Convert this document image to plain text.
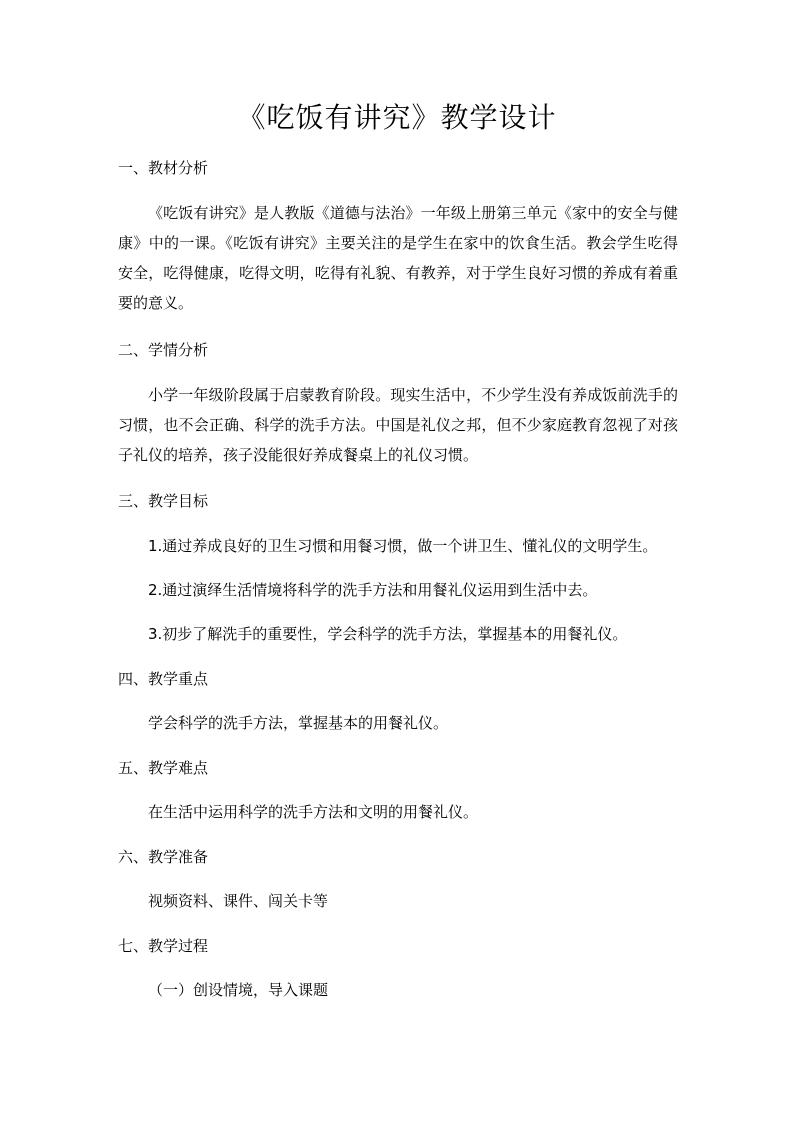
《吃饭有讲究》教学设计
一、教材分析

《吃饭有讲究》是人教版《道德与法治》一年级上册第三单元《家中的安全与健康》中的一课。《吃饭有讲究》主要关注的是学生在家中的饮食生活。教会学生吃得安全，吃得健康，吃得文明，吃得有礼貌、有教养，对于学生良好习惯的养成有着重要的意义。

二、学情分析

小学一年级阶段属于启蒙教育阶段。现实生活中，不少学生没有养成饭前洗手的习惯，也不会正确、科学的洗手方法。中国是礼仪之邦，但不少家庭教育忽视了对孩子礼仪的培养，孩子没能很好养成餐桌上的礼仪习惯。

三、教学目标
1.通过养成良好的卫生习惯和用餐习惯，做一个讲卫生、懂礼仪的文明学生。
2.通过演绎生活情境将科学的洗手方法和用餐礼仪运用到生活中去。
3.初步了解洗手的重要性，学会科学的洗手方法，掌握基本的用餐礼仪。
四、教学重点
学会科学的洗手方法，掌握基本的用餐礼仪。
五、教学难点
在生活中运用科学的洗手方法和文明的用餐礼仪。
六、教学准备
视频资料、课件、闯关卡等
七、教学过程
（一）创设情境，导入课题
